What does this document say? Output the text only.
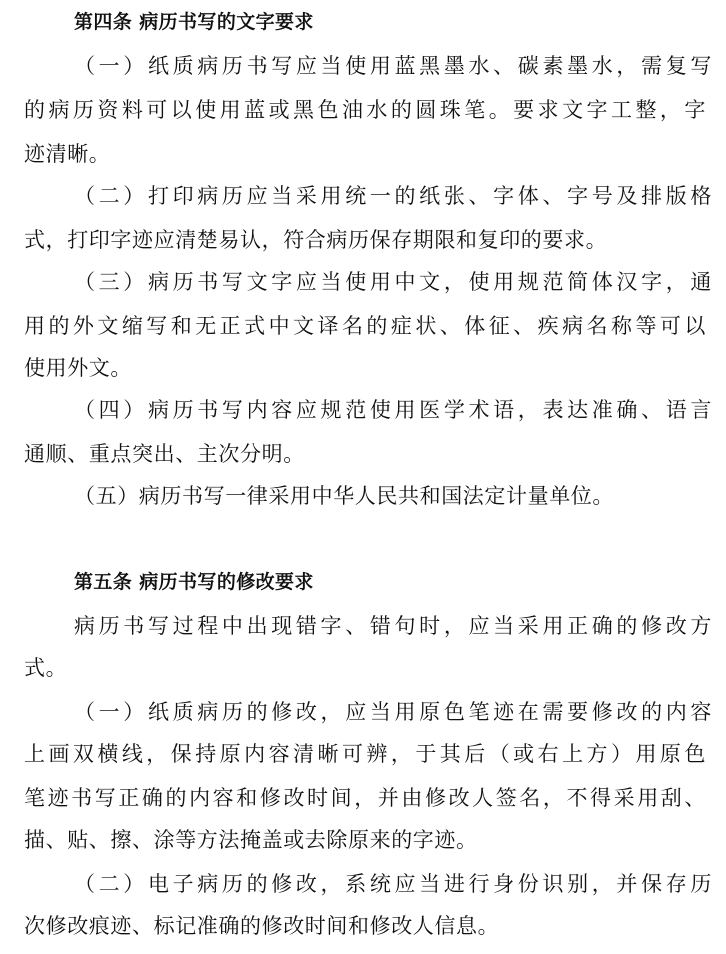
第四条 病历书写的文字要求
（一）纸质病历书写应当使用蓝黑墨水、碳素墨水，需复写
的病历资料可以使用蓝或黑色油水的圆珠笔。要求文字工整，字
迹清晰。
（二）打印病历应当采用统一的纸张、字体、字号及排版格
式，打印字迹应清楚易认，符合病历保存期限和复印的要求。
（三）病历书写文字应当使用中文，使用规范简体汉字，通
用的外文缩写和无正式中文译名的症状、体征、疾病名称等可以
使用外文。
（四）病历书写内容应规范使用医学术语，表达准确、语言
通顺、重点突出、主次分明。
（五）病历书写一律采用中华人民共和国法定计量单位。
第五条 病历书写的修改要求
病历书写过程中出现错字、错句时，应当采用正确的修改方
式。
（一）纸质病历的修改，应当用原色笔迹在需要修改的内容
上画双横线，保持原内容清晰可辨，于其后（或右上方）用原色
笔迹书写正确的内容和修改时间，并由修改人签名，不得采用刮、
描、贴、擦、涂等方法掩盖或去除原来的字迹。
（二）电子病历的修改，系统应当进行身份识别，并保存历
次修改痕迹、标记准确的修改时间和修改人信息。
